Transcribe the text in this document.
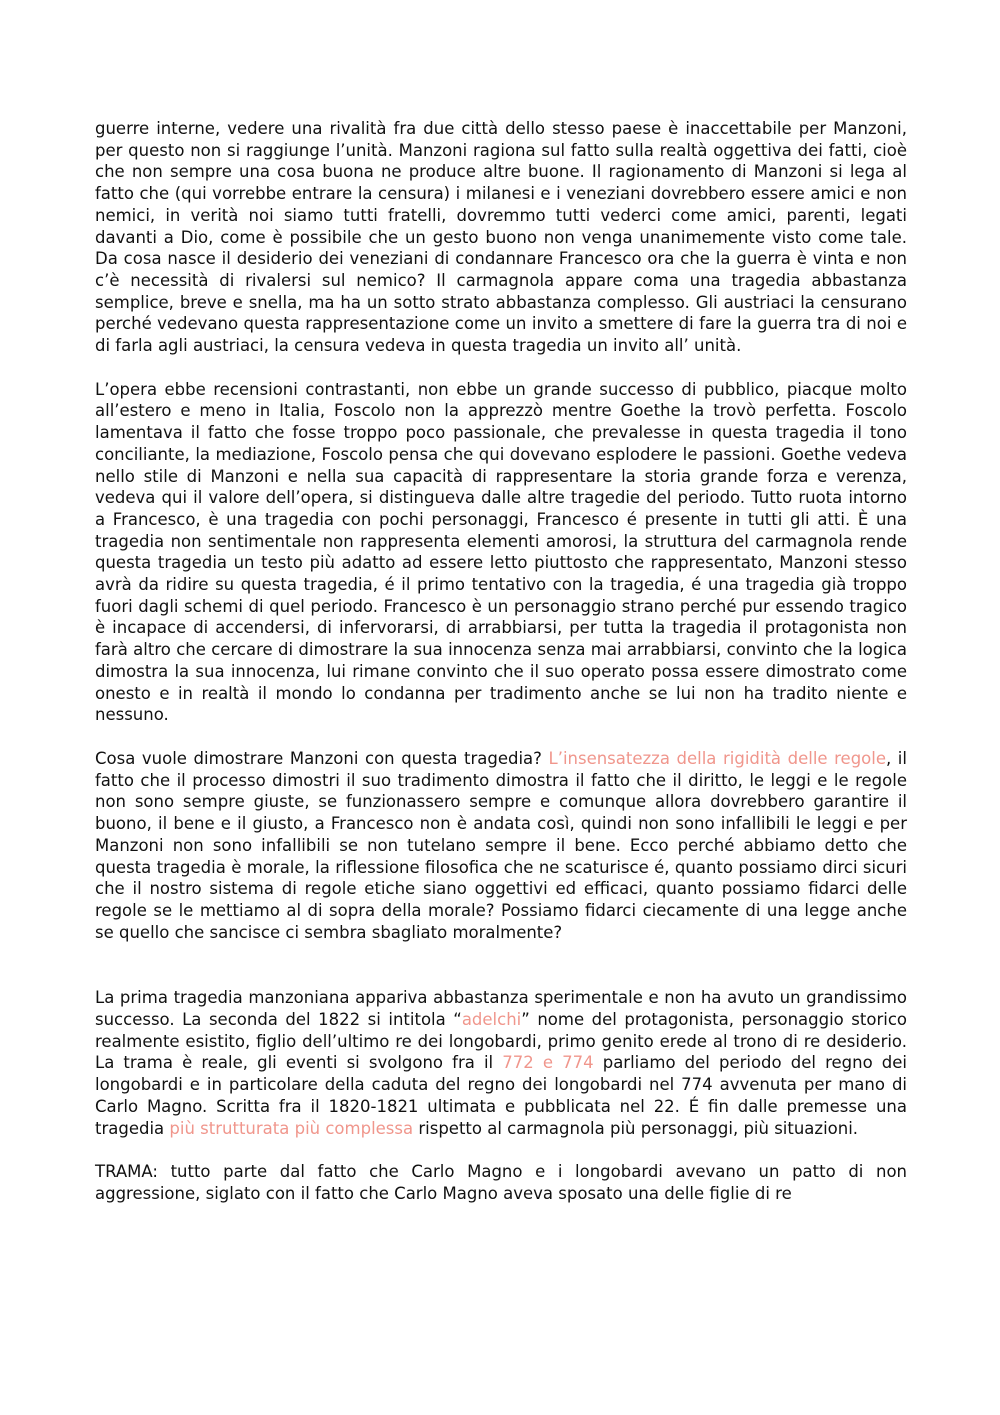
guerre interne, vedere una rivalità fra due città dello stesso paese è inaccettabile per Manzoni, per questo non si raggiunge l’unità. Manzoni ragiona sul fatto sulla realtà oggettiva dei fatti, cioè che non sempre una cosa buona ne produce altre buone. Il ragionamento di Manzoni si lega al fatto che (qui vorrebbe entrare la censura) i milanesi e i veneziani dovrebbero essere amici e non nemici, in verità noi siamo tutti fratelli, dovremmo tutti vederci come amici, parenti, legati davanti a Dio, come è possibile che un gesto buono non venga unanimemente visto come tale. Da cosa nasce il desiderio dei veneziani di condannare Francesco ora che la guerra è vinta e non c’è necessità di rivalersi sul nemico? Il carmagnola appare coma una tragedia abbastanza semplice, breve e snella, ma ha un sotto strato abbastanza complesso. Gli austriaci la censurano perché vedevano questa rappresentazione come un invito a smettere di fare la guerra tra di noi e di farla agli austriaci, la censura vedeva in questa tragedia un invito all’ unità.

L’opera ebbe recensioni contrastanti, non ebbe un grande successo di pubblico, piacque molto all’estero e meno in Italia, Foscolo non la apprezzò mentre Goethe la trovò perfetta. Foscolo lamentava il fatto che fosse troppo poco passionale, che prevalesse in questa tragedia il tono conciliante, la mediazione, Foscolo pensa che qui dovevano esplodere le passioni. Goethe vedeva nello stile di Manzoni e nella sua capacità di rappresentare la storia grande forza e verenza, vedeva qui il valore dell’opera, si distingueva dalle altre tragedie del periodo. Tutto ruota intorno a Francesco, è una tragedia con pochi personaggi, Francesco é presente in tutti gli atti. È una tragedia non sentimentale non rappresenta elementi amorosi, la struttura del carmagnola rende questa tragedia un testo più adatto ad essere letto piuttosto che rappresentato, Manzoni stesso avrà da ridire su questa tragedia, é il primo tentativo con la tragedia, é una tragedia già troppo fuori dagli schemi di quel periodo. Francesco è un personaggio strano perché pur essendo tragico è incapace di accendersi, di infervorarsi, di arrabbiarsi, per tutta la tragedia il protagonista non farà altro che cercare di dimostrare la sua innocenza senza mai arrabbiarsi, convinto che la logica dimostra la sua innocenza, lui rimane convinto che il suo operato possa essere dimostrato come onesto e in realtà il mondo lo condanna per tradimento anche se lui non ha tradito niente e nessuno.

Cosa vuole dimostrare Manzoni con questa tragedia? L’insensatezza della rigidità delle regole, il fatto che il processo dimostri il suo tradimento dimostra il fatto che il diritto, le leggi e le regole non sono sempre giuste, se funzionassero sempre e comunque allora dovrebbero garantire il buono, il bene e il giusto, a Francesco non è andata così, quindi non sono infallibili le leggi e per Manzoni non sono infallibili se non tutelano sempre il bene. Ecco perché abbiamo detto che questa tragedia è morale, la riflessione filosofica che ne scaturisce é, quanto possiamo dirci sicuri che il nostro sistema di regole etiche siano oggettivi ed efficaci, quanto possiamo fidarci delle regole se le mettiamo al di sopra della morale? Possiamo fidarci ciecamente di una legge anche se quello che sancisce ci sembra sbagliato moralmente?

La prima tragedia manzoniana appariva abbastanza sperimentale e non ha avuto un grandissimo successo. La seconda del 1822 si intitola “adelchi” nome del protagonista, personaggio storico realmente esistito, figlio dell’ultimo re dei longobardi, primo genito erede al trono di re desiderio. La trama è reale, gli eventi si svolgono fra il 772 e 774 parliamo del periodo del regno dei longobardi e in particolare della caduta del regno dei longobardi nel 774 avvenuta per mano di Carlo Magno. Scritta fra il 1820-1821 ultimata e pubblicata nel 22. É fin dalle premesse una tragedia più strutturata più complessa rispetto al carmagnola più personaggi, più situazioni.

TRAMA: tutto parte dal fatto che Carlo Magno e i longobardi avevano un patto di non aggressione, siglato con il fatto che Carlo Magno aveva sposato una delle figlie di re
